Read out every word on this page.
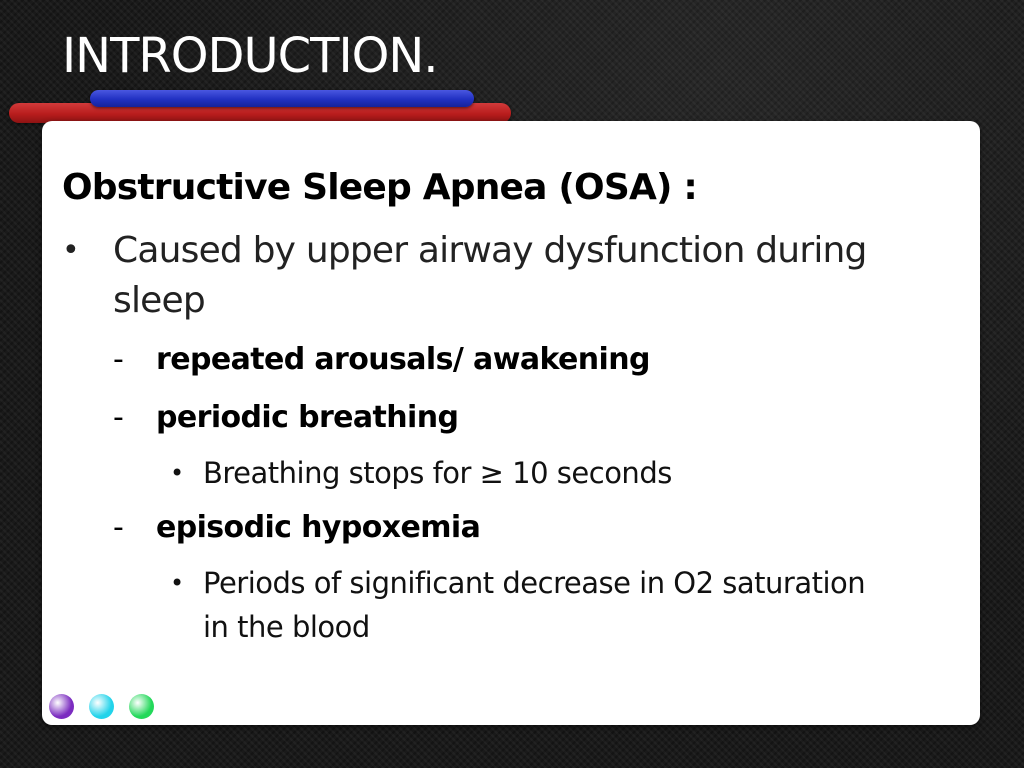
INTRODUCTION.
Obstructive Sleep Apnea (OSA) :
• Caused by upper airway dysfunction during sleep
-	repeated arousals/ awakening
-	periodic breathing
• Breathing stops for ≥ 10 seconds
-	episodic hypoxemia
• Periods of significant decrease in O2 saturation in the blood
